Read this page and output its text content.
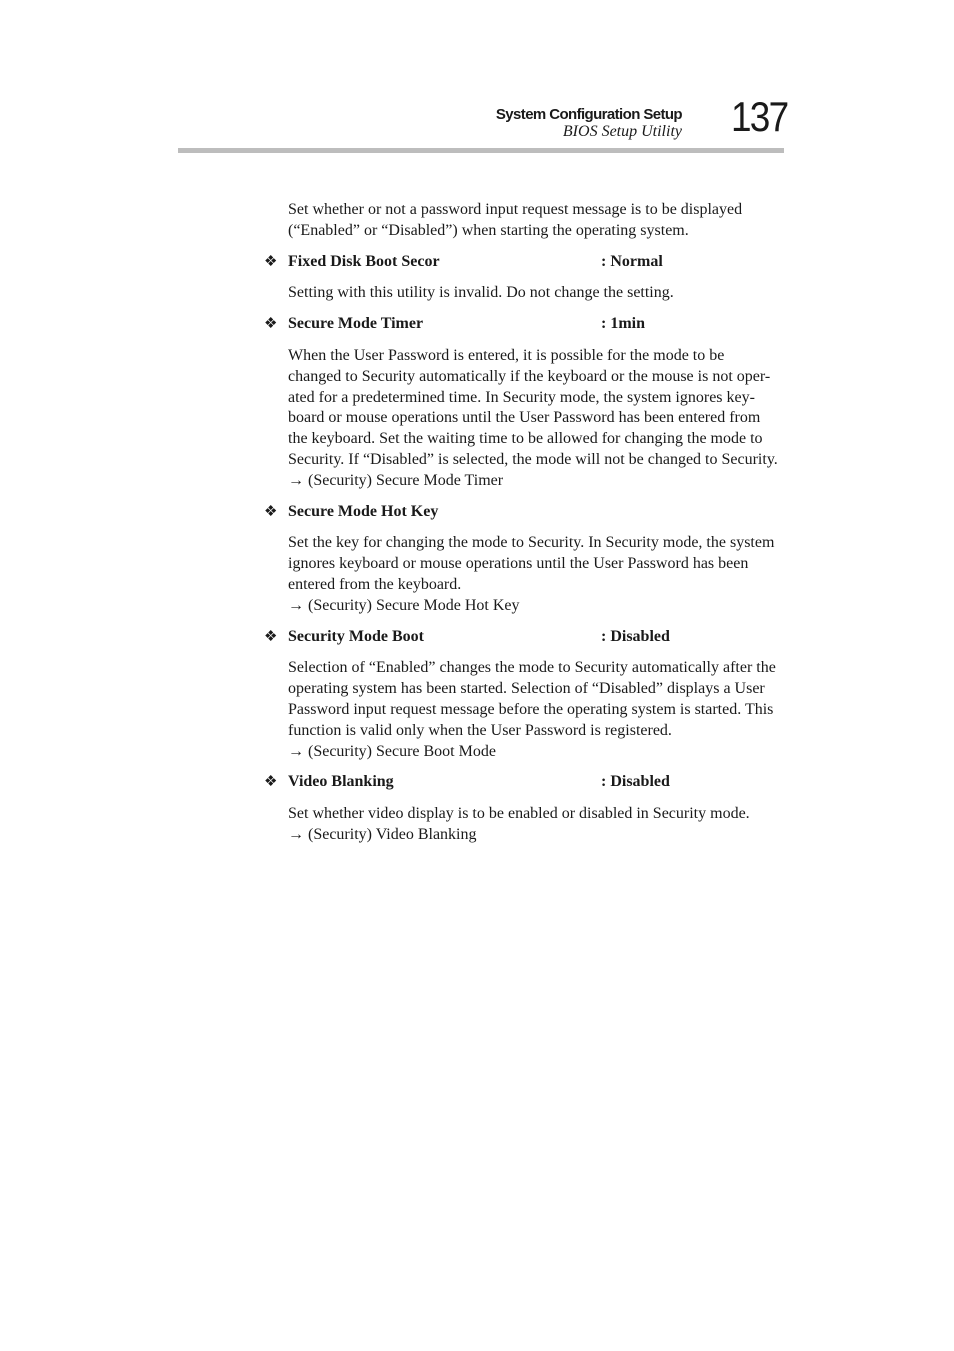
System Configuration Setup
BIOS Setup Utility 137
Set whether or not a password input request message is to be displayed
(“Enabled” or “Disabled”) when starting the operating system.
❖ Fixed Disk Boot Secor	: Normal
Setting with this utility is invalid. Do not change the setting.
❖ Secure Mode Timer	: 1min
When the User Password is entered, it is possible for the mode to be
changed to Security automatically if the keyboard or the mouse is not oper-
ated for a predetermined time. In Security mode, the system ignores key-
board or mouse operations until the User Password has been entered from
the keyboard. Set the waiting time to be allowed for changing the mode to
Security. If “Disabled” is selected, the mode will not be changed to Security.
→ (Security) Secure Mode Timer
❖ Secure Mode Hot Key
Set the key for changing the mode to Security. In Security mode, the system
ignores keyboard or mouse operations until the User Password has been
entered from the keyboard.
→ (Security) Secure Mode Hot Key
❖ Security Mode Boot	: Disabled
Selection of “Enabled” changes the mode to Security automatically after the
operating system has been started. Selection of “Disabled” displays a User
Password input request message before the operating system is started. This
function is valid only when the User Password is registered.
→ (Security) Secure Boot Mode
❖ Video Blanking	: Disabled
Set whether video display is to be enabled or disabled in Security mode.
→ (Security) Video Blanking
